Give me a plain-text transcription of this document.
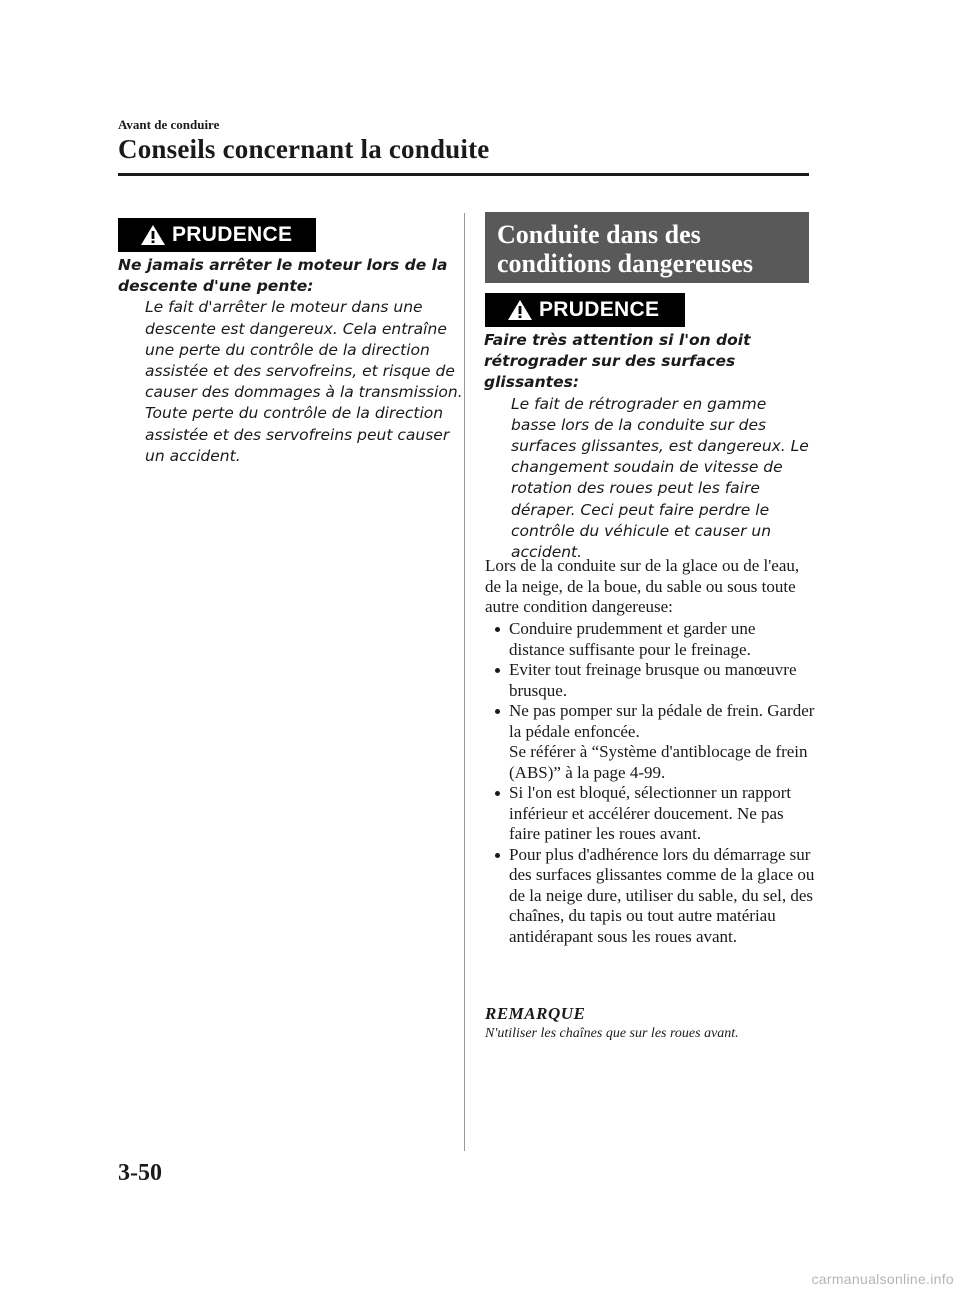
Avant de conduire
Conseils concernant la conduite
PRUDENCE
Ne jamais arrêter le moteur lors de la descente d'une pente:
Le fait d'arrêter le moteur dans une descente est dangereux. Cela entraîne une perte du contrôle de la direction assistée et des servofreins, et risque de causer des dommages à la transmission. Toute perte du contrôle de la direction assistée et des servofreins peut causer un accident.
Conduite dans des conditions dangereuses
PRUDENCE
Faire très attention si l'on doit rétrograder sur des surfaces glissantes:
Le fait de rétrograder en gamme basse lors de la conduite sur des surfaces glissantes, est dangereux. Le changement soudain de vitesse de rotation des roues peut les faire déraper. Ceci peut faire perdre le contrôle du véhicule et causer un accident.
Lors de la conduite sur de la glace ou de l'eau, de la neige, de la boue, du sable ou sous toute autre condition dangereuse:
Conduire prudemment et garder une distance suffisante pour le freinage.
Eviter tout freinage brusque ou manœuvre brusque.
Ne pas pomper sur la pédale de frein. Garder la pédale enfoncée.
Se référer à “Système d'antiblocage de frein (ABS)” à la page 4-99.
Si l'on est bloqué, sélectionner un rapport inférieur et accélérer doucement. Ne pas faire patiner les roues avant.
Pour plus d'adhérence lors du démarrage sur des surfaces glissantes comme de la glace ou de la neige dure, utiliser du sable, du sel, des chaînes, du tapis ou tout autre matériau antidérapant sous les roues avant.
REMARQUE
N'utiliser les chaînes que sur les roues avant.
3-50
carmanualsonline.info
